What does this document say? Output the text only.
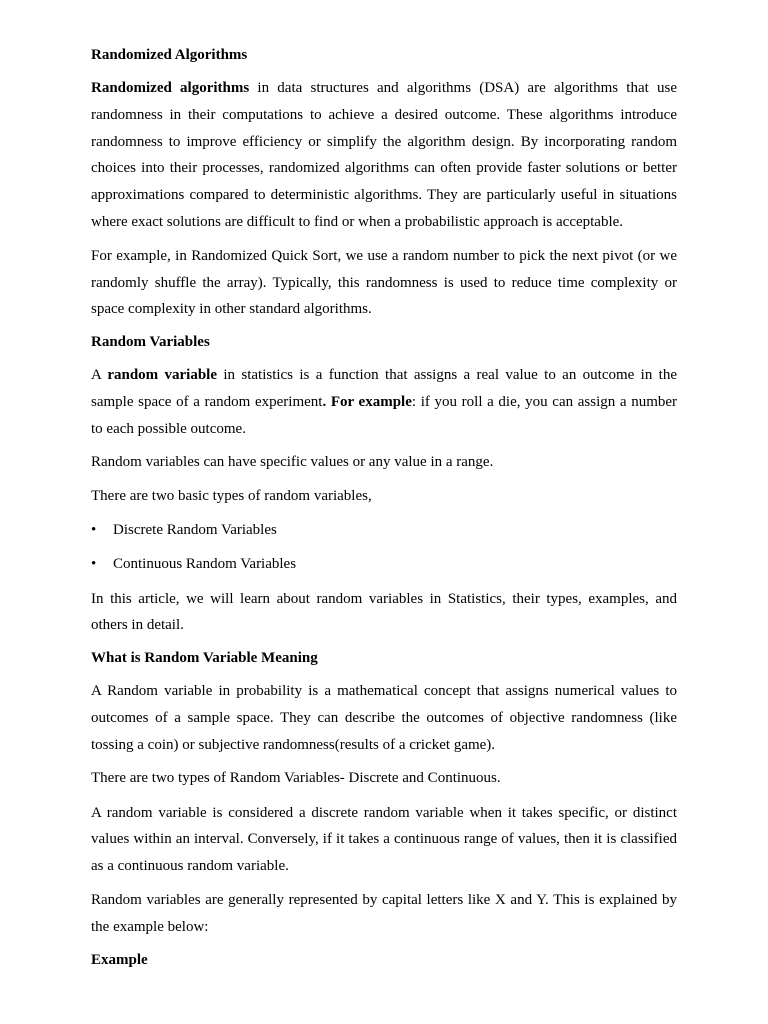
Randomized Algorithms

Randomized algorithms in data structures and algorithms (DSA) are algorithms that use randomness in their computations to achieve a desired outcome. These algorithms introduce randomness to improve efficiency or simplify the algorithm design. By incorporating random choices into their processes, randomized algorithms can often provide faster solutions or better approximations compared to deterministic algorithms. They are particularly useful in situations where exact solutions are difficult to find or when a probabilistic approach is acceptable.

For example, in Randomized Quick Sort, we use a random number to pick the next pivot (or we randomly shuffle the array). Typically, this randomness is used to reduce time complexity or space complexity in other standard algorithms.

Random Variables

A random variable in statistics is a function that assigns a real value to an outcome in the sample space of a random experiment. For example: if you roll a die, you can assign a number to each possible outcome.

Random variables can have specific values or any value in a range.

There are two basic types of random variables,

• Discrete Random Variables
• Continuous Random Variables

In this article, we will learn about random variables in Statistics, their types, examples, and others in detail.

What is Random Variable Meaning

A Random variable in probability is a mathematical concept that assigns numerical values to outcomes of a sample space. They can describe the outcomes of objective randomness (like tossing a coin) or subjective randomness(results of a cricket game).

There are two types of Random Variables- Discrete and Continuous.

A random variable is considered a discrete random variable when it takes specific, or distinct values within an interval. Conversely, if it takes a continuous range of values, then it is classified as a continuous random variable.

Random variables are generally represented by capital letters like X and Y. This is explained by the example below:

Example
